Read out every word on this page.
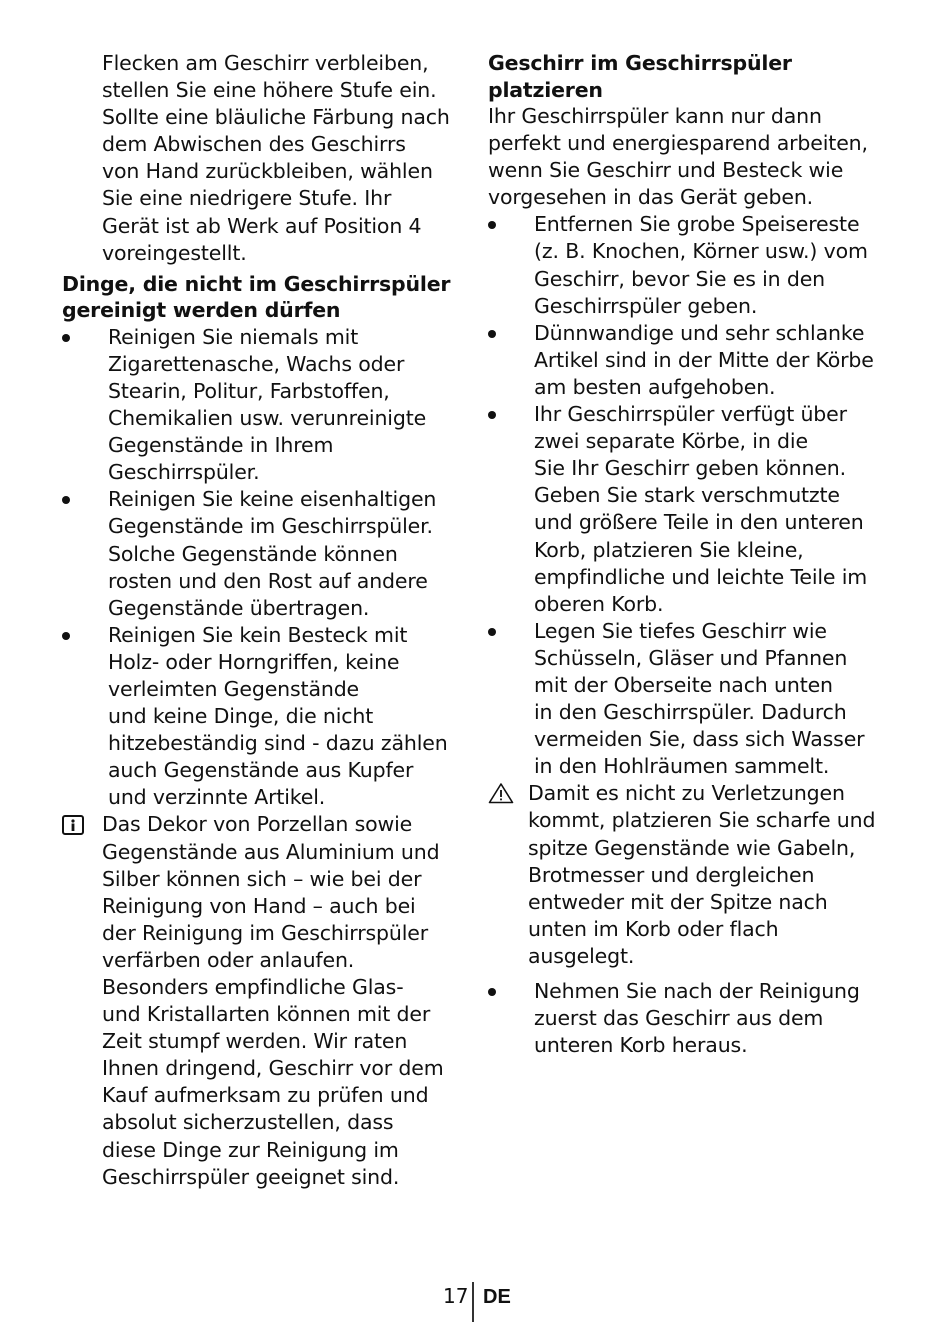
Flecken am Geschirr verbleiben,

stellen Sie eine höhere Stufe ein.

Sollte eine bläuliche Färbung nach

dem Abwischen des Geschirrs

von Hand zurückbleiben, wählen

Sie eine niedrigere Stufe. Ihr

Gerät ist ab Werk auf Position 4

voreingestellt.

Dinge, die nicht im Geschirrspüler
gereinigt werden dürfen

Reinigen Sie niemals mit

Zigarettenasche, Wachs oder

Stearin, Politur, Farbstoffen,

Chemikalien usw. verunreinigte

Gegenstände in Ihrem

Geschirrspüler.

Reinigen Sie keine eisenhaltigen

Gegenstände im Geschirrspüler.

Solche Gegenstände können

rosten und den Rost auf andere

Gegenstände übertragen.

Reinigen Sie kein Besteck mit

Holz- oder Horngriffen, keine

verleimten Gegenstände

und keine Dinge, die nicht

hitzebeständig sind - dazu zählen

auch Gegenstände aus Kupfer

und verzinnte Artikel.

Das Dekor von Porzellan sowie

Gegenstände aus Aluminium und

Silber können sich – wie bei der

Reinigung von Hand – auch bei

der Reinigung im Geschirrspüler

verfärben oder anlaufen.

Besonders empfindliche Glas-

und Kristallarten können mit der

Zeit stumpf werden. Wir raten

Ihnen dringend, Geschirr vor dem

Kauf aufmerksam zu prüfen und

absolut sicherzustellen, dass

diese Dinge zur Reinigung im

Geschirrspüler geeignet sind.

Geschirr im Geschirrspüler
platzieren

Ihr Geschirrspüler kann nur dann

perfekt und energiesparend arbeiten,

wenn Sie Geschirr und Besteck wie

vorgesehen in das Gerät geben.

Entfernen Sie grobe Speisereste

(z. B. Knochen, Körner usw.) vom

Geschirr, bevor Sie es in den

Geschirrspüler geben.

Dünnwandige und sehr schlanke

Artikel sind in der Mitte der Körbe

am besten aufgehoben.

Ihr Geschirrspüler verfügt über

zwei separate Körbe, in die

Sie Ihr Geschirr geben können.

Geben Sie stark verschmutzte

und größere Teile in den unteren

Korb, platzieren Sie kleine,

empfindliche und leichte Teile im

oberen Korb.

Legen Sie tiefes Geschirr wie

Schüsseln, Gläser und Pfannen

mit der Oberseite nach unten

in den Geschirrspüler. Dadurch

vermeiden Sie, dass sich Wasser

in den Hohlräumen sammelt.

Damit es nicht zu Verletzungen

kommt, platzieren Sie scharfe und

spitze Gegenstände wie Gabeln,

Brotmesser und dergleichen

entweder mit der Spitze nach

unten im Korb oder flach

ausgelegt.

Nehmen Sie nach der Reinigung

zuerst das Geschirr aus dem

unteren Korb heraus.

17 DE
